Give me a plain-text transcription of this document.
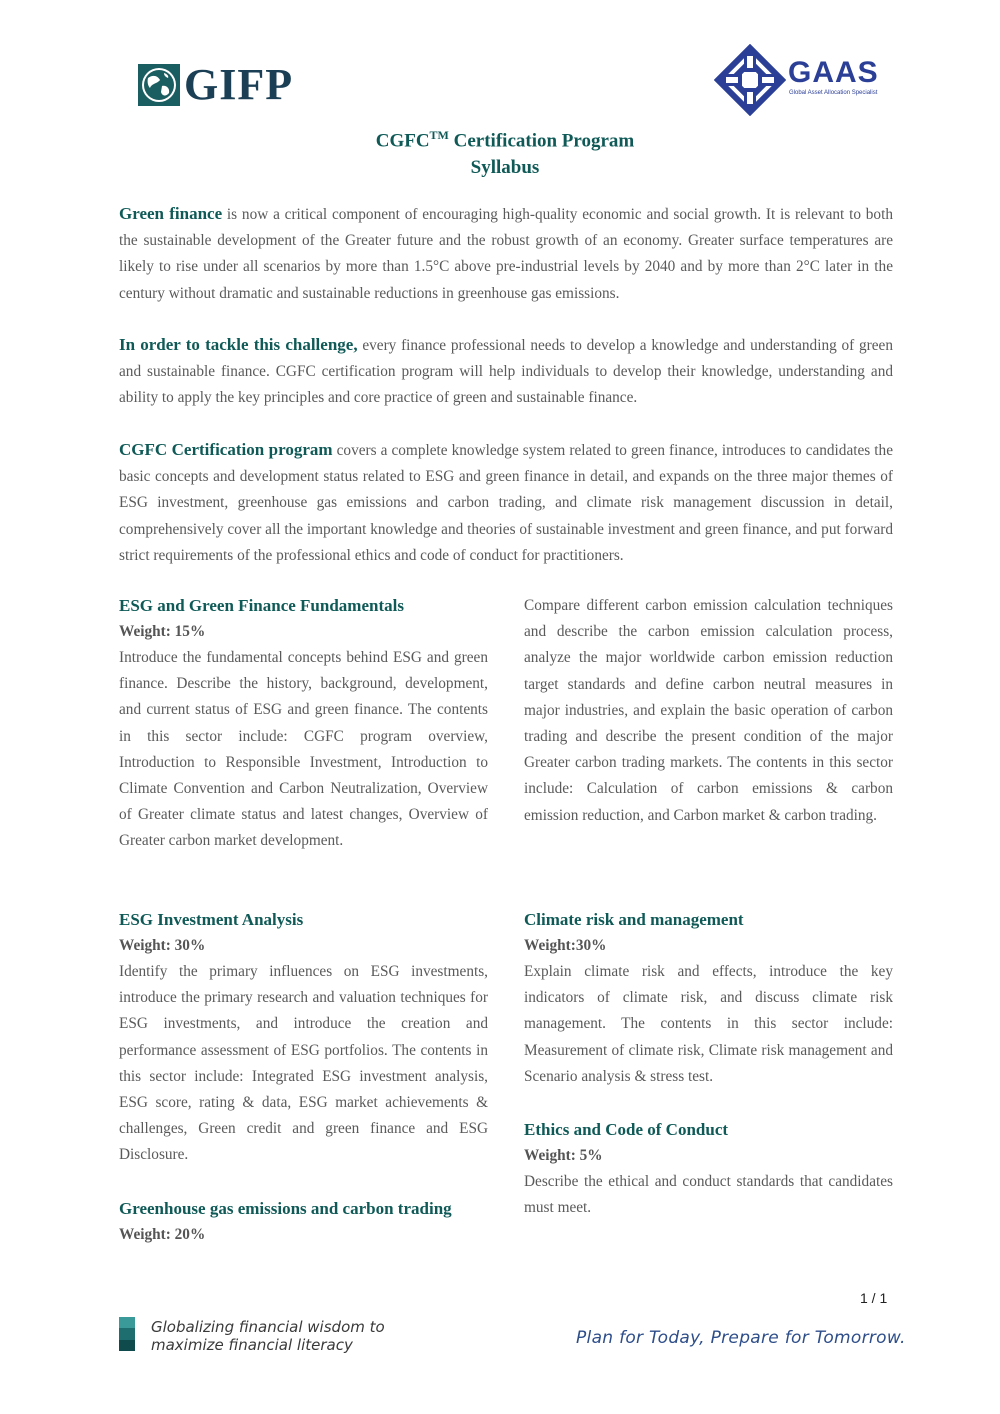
GIFP	GAAS
Global Asset Allocation Specialist
CGFC™ Certification Program
Syllabus
Green finance is now a critical component of encouraging high-quality economic and social growth. It is relevant to both the sustainable development of the Greater future and the robust growth of an economy. Greater surface temperatures are likely to rise under all scenarios by more than 1.5°C above pre-industrial levels by 2040 and by more than 2°C later in the century without dramatic and sustainable reductions in greenhouse gas emissions.
In order to tackle this challenge, every finance professional needs to develop a knowledge and understanding of green and sustainable finance. CGFC certification program will help individuals to develop their knowledge, understanding and ability to apply the key principles and core practice of green and sustainable finance.
CGFC Certification program covers a complete knowledge system related to green finance, introduces to candidates the basic concepts and development status related to ESG and green finance in detail, and expands on the three major themes of ESG investment, greenhouse gas emissions and carbon trading, and climate risk management discussion in detail, comprehensively cover all the important knowledge and theories of sustainable investment and green finance, and put forward strict requirements of the professional ethics and code of conduct for practitioners.
ESG and Green Finance Fundamentals
Weight: 15%

Introduce the fundamental concepts behind ESG and green finance. Describe the history, background, development, and current status of ESG and green finance. The contents in this sector include: CGFC program overview, Introduction to Responsible Investment, Introduction to Climate Convention and Carbon Neutralization, Overview of Greater climate status and latest changes, Overview of Greater carbon market development.

ESG Investment Analysis
Weight: 30%

Identify the primary influences on ESG investments, introduce the primary research and valuation techniques for ESG investments, and introduce the creation and performance assessment of ESG portfolios. The contents in this sector include: Integrated ESG investment analysis, ESG score, rating & data, ESG market achievements & challenges, Green credit and green finance and ESG Disclosure.

Greenhouse gas emissions and carbon trading
Weight: 20%

Compare different carbon emission calculation techniques and describe the carbon emission calculation process, analyze the major worldwide carbon emission reduction target standards and define carbon neutral measures in major industries, and explain the basic operation of carbon trading and describe the present condition of the major Greater carbon trading markets. The contents in this sector include: Calculation of carbon emissions & carbon emission reduction, and Carbon market & carbon trading.

Climate risk and management
Weight:30%

Explain climate risk and effects, introduce the key indicators of climate risk, and discuss climate risk management. The contents in this sector include: Measurement of climate risk, Climate risk management and Scenario analysis & stress test.

Ethics and Code of Conduct
Weight: 5%

Describe the ethical and conduct standards that candidates must meet.

1 / 1
Globalizing financial wisdom to
maximize financial literacy	Plan for Today, Prepare for Tomorrow.
